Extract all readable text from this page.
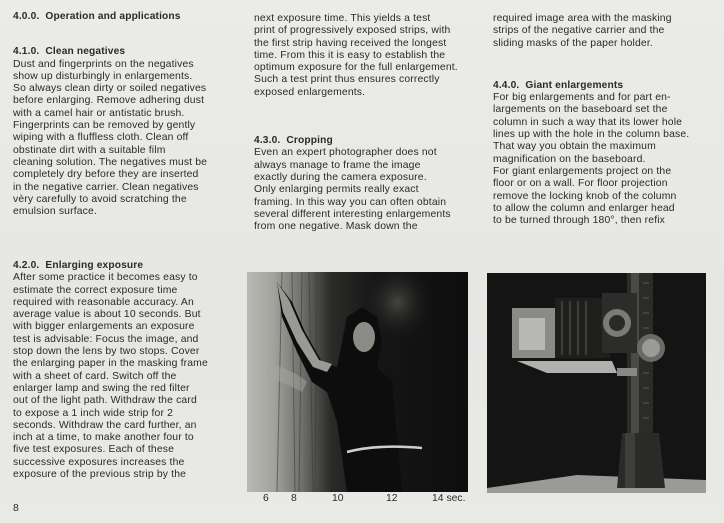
4.0.0. Operation and applications

4.1.0. Clean negatives

Dust and fingerprints on the negatives
show up disturbingly in enlargements.
So always clean dirty or soiled negatives
before enlarging. Remove adhering dust
with a camel hair or antistatic brush.
Fingerprints can be removed by gently
wiping with a fluffless cloth. Clean off
obstinate dirt with a suitable film
cleaning solution. The negatives must be
completely dry before they are inserted
in the negative carrier. Clean negatives
vèry carefully to avoid scratching the
emulsion surface.

4.2.0. Enlarging exposure

After some practice it becomes easy to
estimate the correct exposure time
required with reasonable accuracy. An
average value is about 10 seconds. But
with bigger enlargements an exposure
test is advisable: Focus the image, and
stop down the lens by two stops. Cover
the enlarging paper in the masking frame
with a sheet of card. Switch off the
enlarger lamp and swing the red filter
out of the light path. Withdraw the card
to expose a 1 inch wide strip for 2
seconds. Withdraw the card further, an
inch at a time, to make another four to
five test exposures. Each of these
successive exposures increases the
exposure of the previous strip by the
next exposure time. This yields a test
print of progressively exposed strips, with
the first strip having received the longest
time. From this it is easy to establish the
optimum exposure for the full enlargement.
Such a test print thus ensures correctly
exposed enlargements.

4.3.0. Cropping

Even an expert photographer does not
always manage to frame the image
exactly during the camera exposure.
Only enlarging permits really exact
framing. In this way you can often obtain
several different interesting enlargements
from one negative. Mask down the
required image area with the masking
strips of the negative carrier and the
sliding masks of the paper holder.

4.4.0. Giant enlargements

For big enlargements and for part en-
largements on the baseboard set the
column in such a way that its lower hole
lines up with the hole in the column base.
That way you obtain the maximum
magnification on the baseboard.
For giant enlargements project on the
floor or on a wall. For floor projection
remove the locking knob of the column
to allow the column and enlarger head
to be turned through 180°, then refix
6 8	10	12	14 sec.
8
